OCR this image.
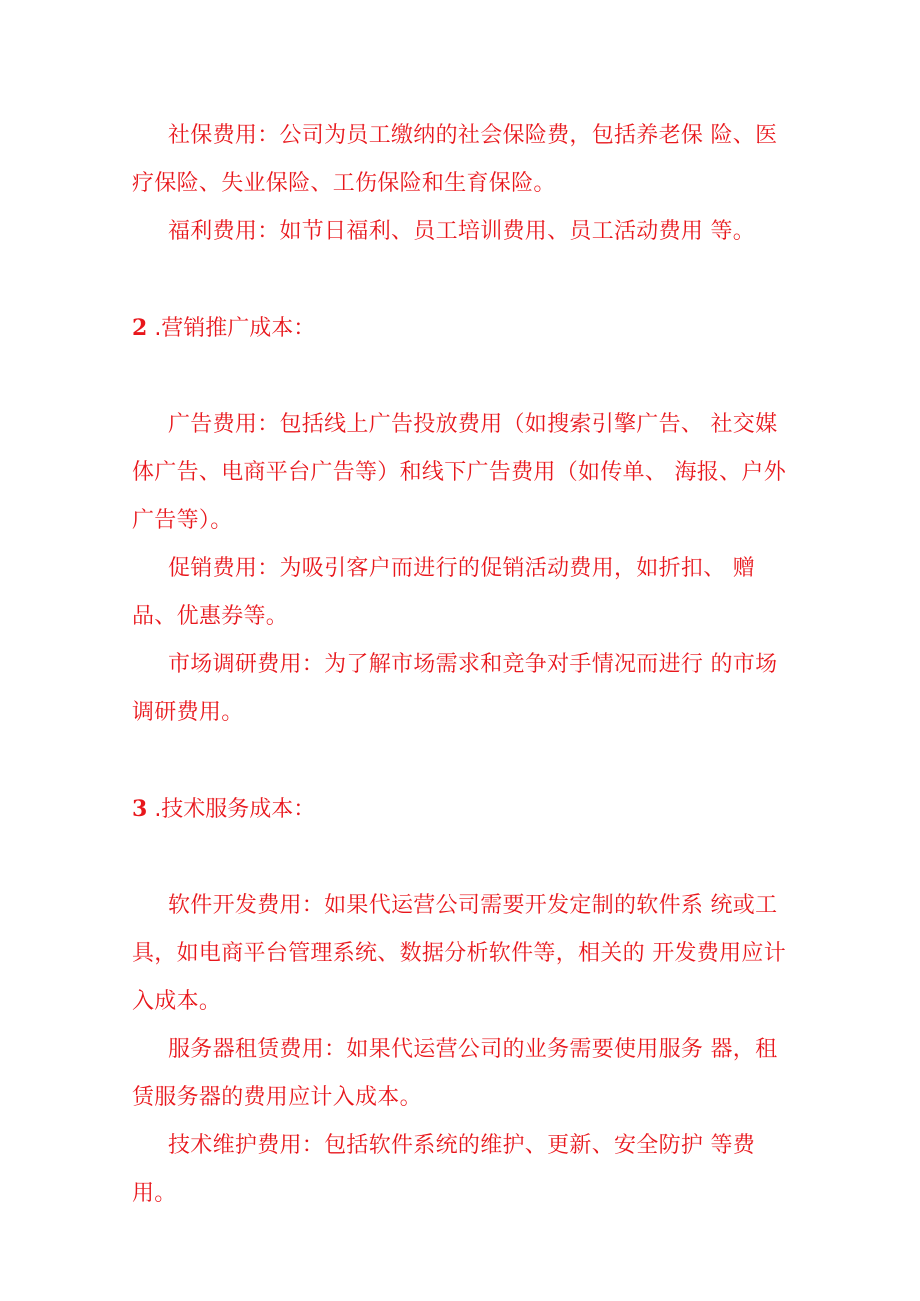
社保费用：公司为员工缴纳的社会保险费，包括养老保 险、医疗保险、失业保险、工伤保险和生育保险。

福利费用：如节日福利、员工培训费用、员工活动费用 等。

2 .营销推广成本：

广告费用：包括线上广告投放费用（如搜索引擎广告、 社交媒体广告、电商平台广告等）和线下广告费用（如传单、 海报、户外广告等）。

促销费用：为吸引客户而进行的促销活动费用，如折扣、 赠品、优惠券等。

市场调研费用：为了解市场需求和竞争对手情况而进行 的市场调研费用。

3 .技术服务成本：

软件开发费用：如果代运营公司需要开发定制的软件系 统或工具，如电商平台管理系统、数据分析软件等，相关的 开发费用应计入成本。

服务器租赁费用：如果代运营公司的业务需要使用服务 器，租赁服务器的费用应计入成本。

技术维护费用：包括软件系统的维护、更新、安全防护 等费用。
